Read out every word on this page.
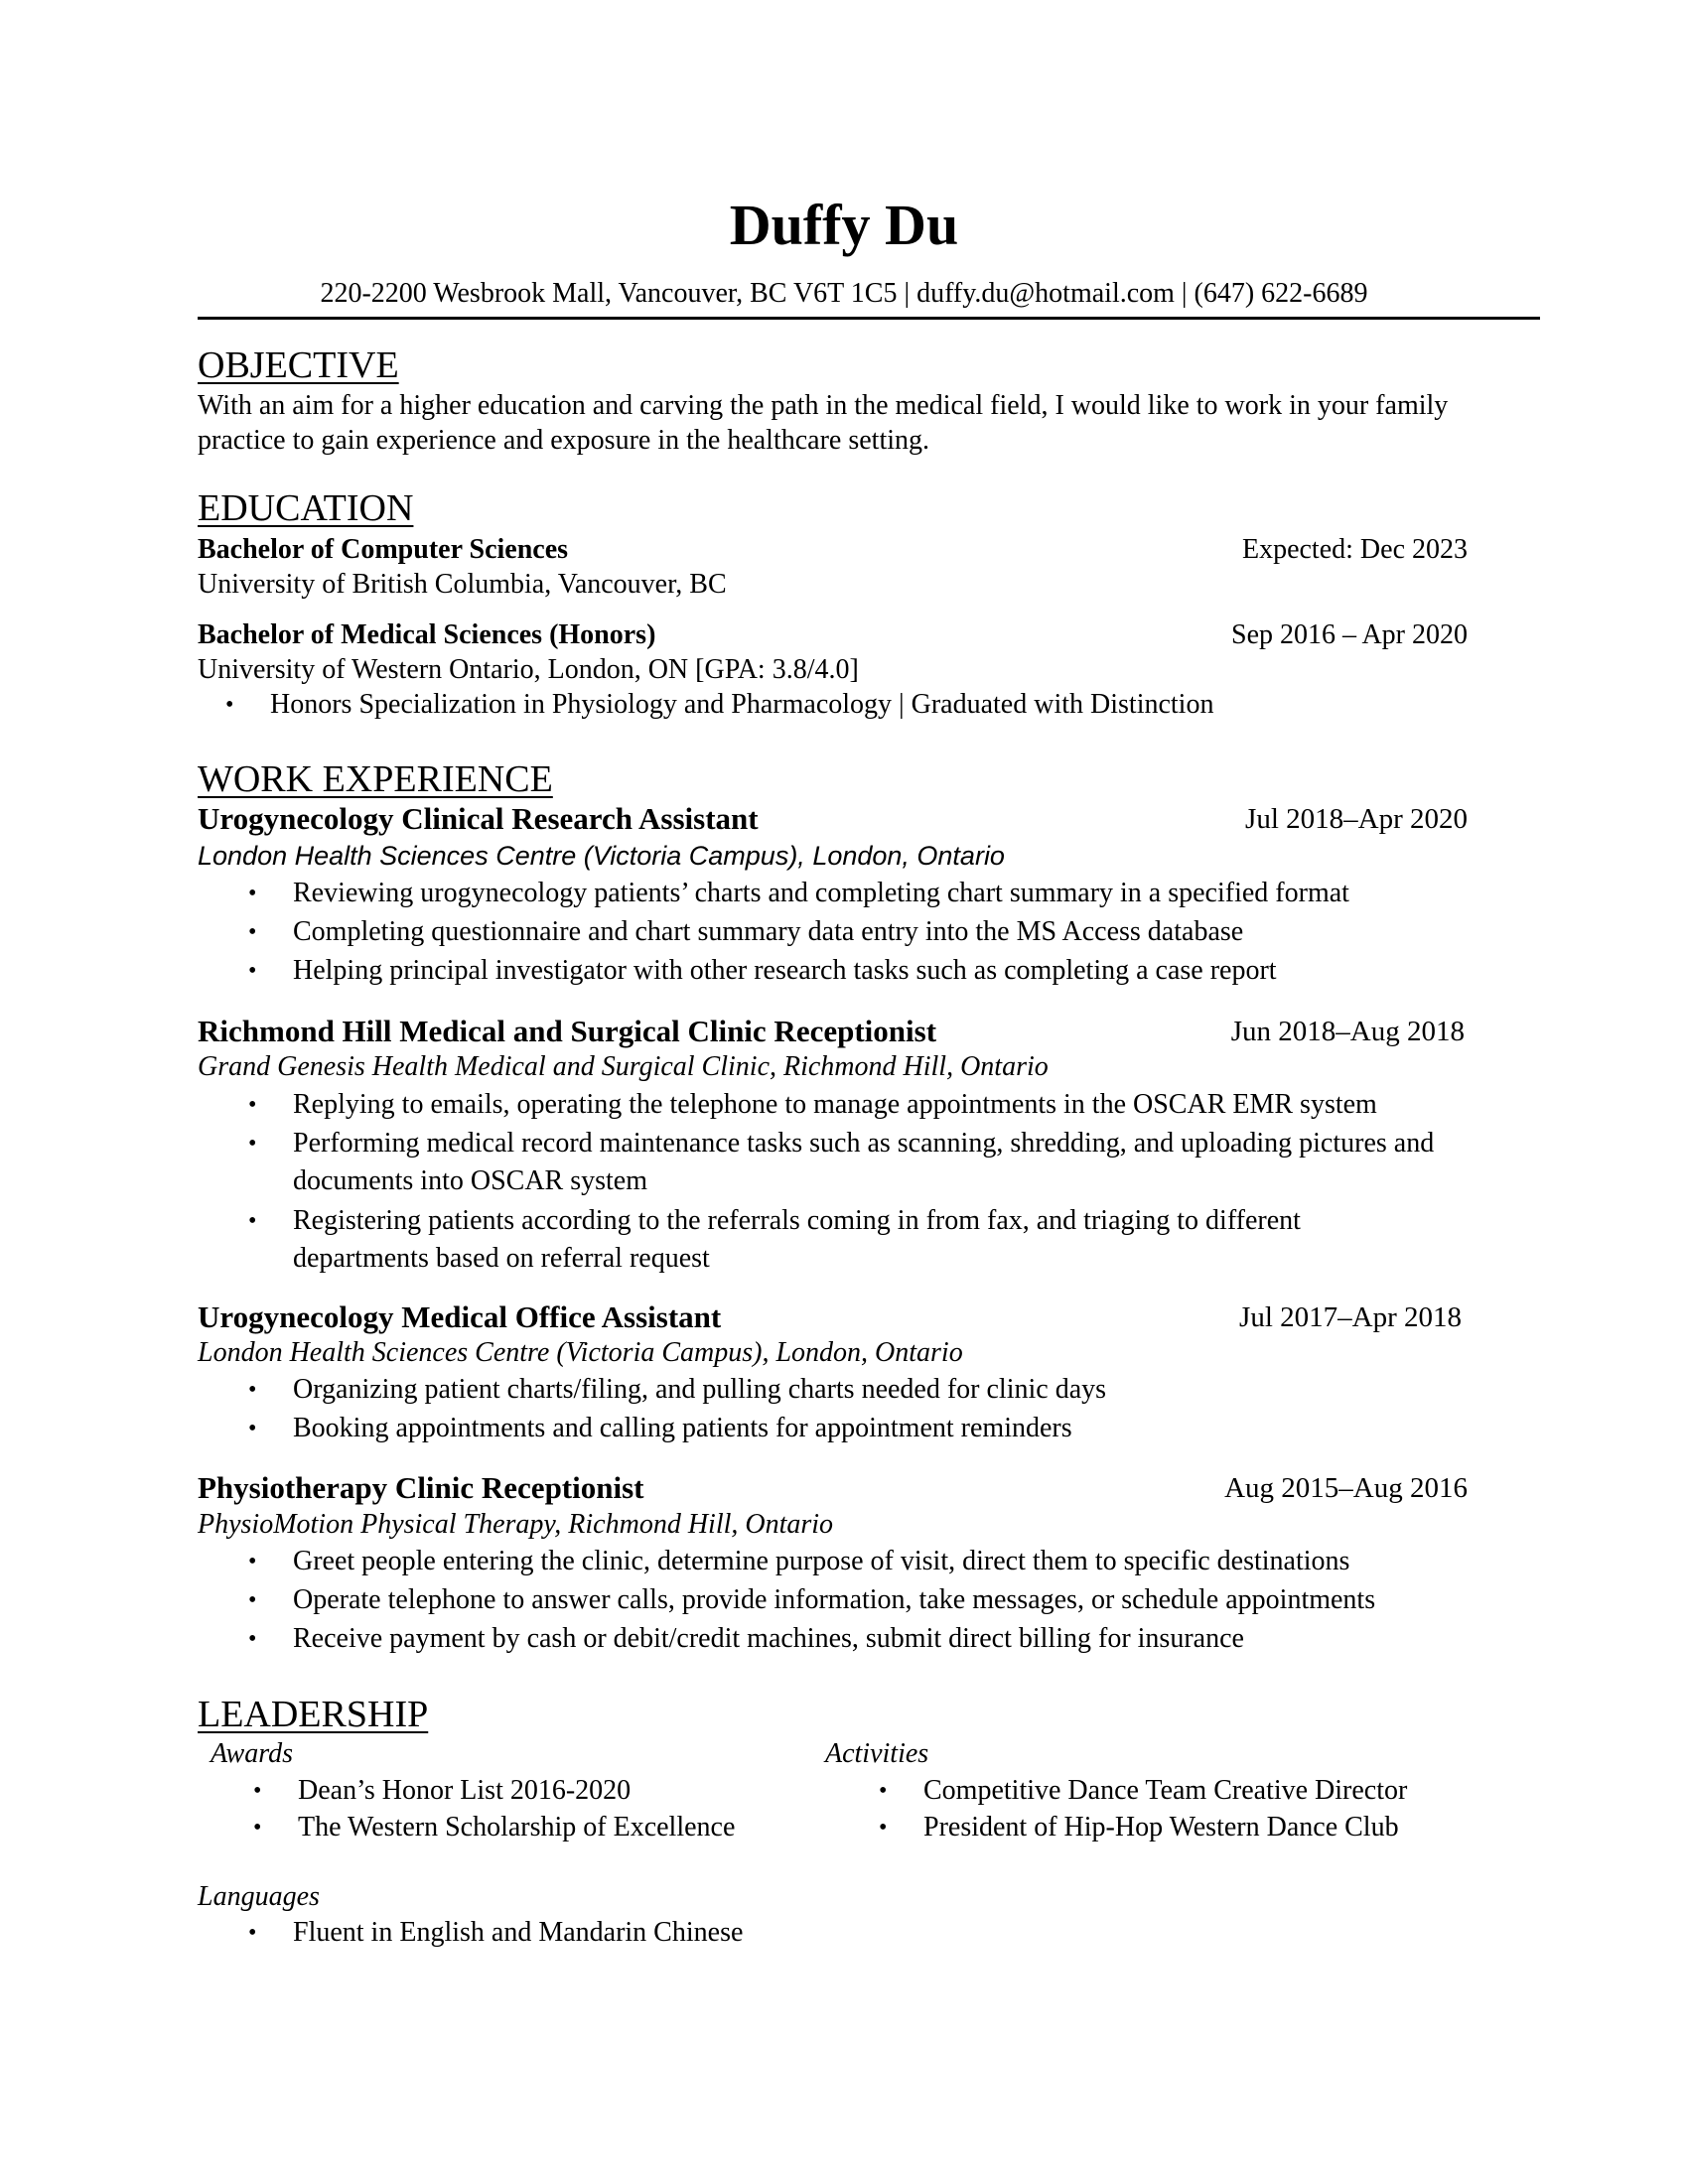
Duffy Du
220-2200 Wesbrook Mall, Vancouver, BC V6T 1C5 | duffy.du@hotmail.com | (647) 622-6689
OBJECTIVE
With an aim for a higher education and carving the path in the medical field, I would like to work in your family practice to gain experience and exposure in the healthcare setting.
EDUCATION
Bachelor of Computer Sciences	Expected: Dec 2023
University of British Columbia, Vancouver, BC
Bachelor of Medical Sciences (Honors)	Sep 2016 – Apr 2020
University of Western Ontario, London, ON [GPA: 3.8/4.0]
• Honors Specialization in Physiology and Pharmacology | Graduated with Distinction
WORK EXPERIENCE
Urogynecology Clinical Research Assistant	Jul 2018–Apr 2020
London Health Sciences Centre (Victoria Campus), London, Ontario
• Reviewing urogynecology patients’ charts and completing chart summary in a specified format
• Completing questionnaire and chart summary data entry into the MS Access database
• Helping principal investigator with other research tasks such as completing a case report
Richmond Hill Medical and Surgical Clinic Receptionist	Jun 2018–Aug 2018
Grand Genesis Health Medical and Surgical Clinic, Richmond Hill, Ontario
• Replying to emails, operating the telephone to manage appointments in the OSCAR EMR system
• Performing medical record maintenance tasks such as scanning, shredding, and uploading pictures and documents into OSCAR system
• Registering patients according to the referrals coming in from fax, and triaging to different departments based on referral request
Urogynecology Medical Office Assistant	Jul 2017–Apr 2018
London Health Sciences Centre (Victoria Campus), London, Ontario
• Organizing patient charts/filing, and pulling charts needed for clinic days
• Booking appointments and calling patients for appointment reminders
Physiotherapy Clinic Receptionist	Aug 2015–Aug 2016
PhysioMotion Physical Therapy, Richmond Hill, Ontario
• Greet people entering the clinic, determine purpose of visit, direct them to specific destinations
• Operate telephone to answer calls, provide information, take messages, or schedule appointments
• Receive payment by cash or debit/credit machines, submit direct billing for insurance
LEADERSHIP
Awards
• Dean’s Honor List 2016-2020
• The Western Scholarship of Excellence
Activities
• Competitive Dance Team Creative Director
• President of Hip-Hop Western Dance Club
Languages
• Fluent in English and Mandarin Chinese
